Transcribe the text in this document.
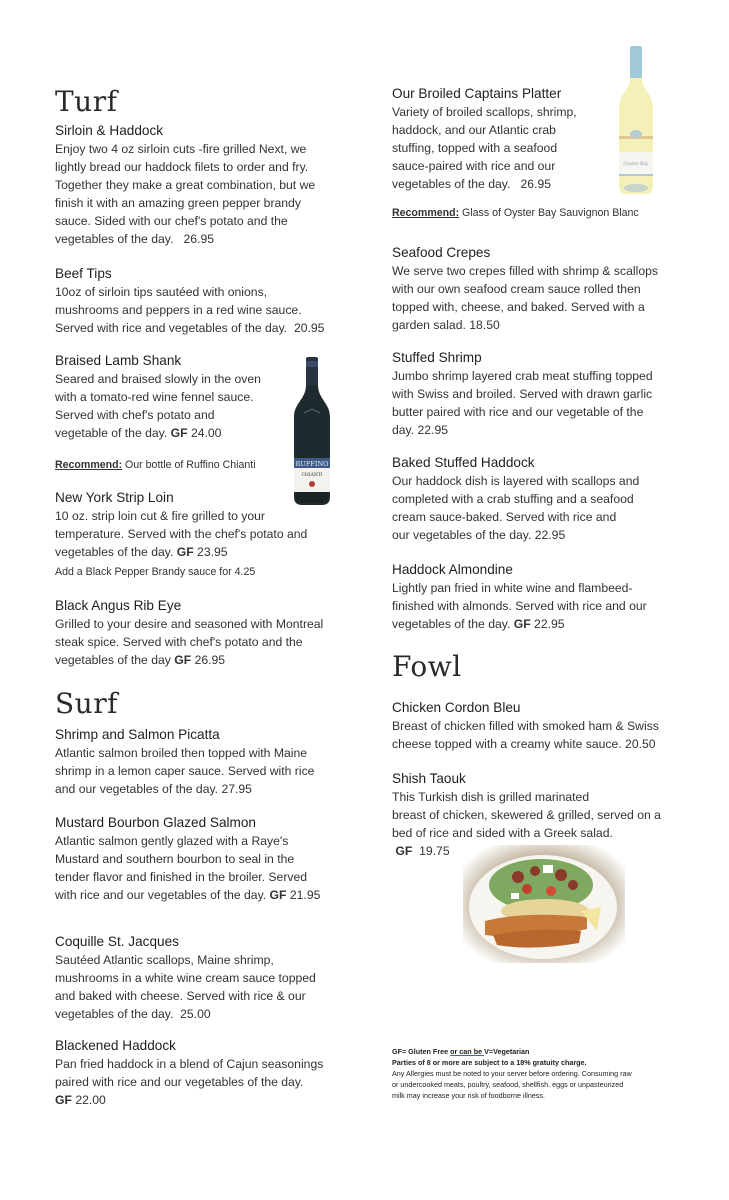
Turf
Sirloin & Haddock
Enjoy two 4 oz sirloin cuts -fire grilled Next, we
lightly bread our haddock filets to order and fry.
Together they make a great combination, but we
finish it with an amazing green pepper brandy
sauce. Sided with our chef's potato and the
vegetables of the day.   26.95
Beef Tips
10oz of sirloin tips sautéed with onions,
mushrooms and peppers in a red wine sauce.
Served with rice and vegetables of the day.  20.95
Braised Lamb Shank
Seared and braised slowly in the oven
with a tomato-red wine fennel sauce.
Served with chef's potato and
vegetable of the day. GF 24.00
Recommend: Our bottle of Ruffino Chianti	RUFFINO
CHIANTI
New York Strip Loin
10 oz. strip loin cut & fire grilled to your
temperature. Served with the chef's potato and
vegetables of the day. GF 23.95
Add a Black Pepper Brandy sauce for 4.25
Black Angus Rib Eye
Grilled to your desire and seasoned with Montreal
steak spice. Served with chef's potato and the
vegetables of the day GF 26.95
Surf
Shrimp and Salmon Picatta
Atlantic salmon broiled then topped with Maine
shrimp in a lemon caper sauce. Served with rice
and our vegetables of the day. 27.95
Mustard Bourbon Glazed Salmon
Atlantic salmon gently glazed with a Raye's
Mustard and southern bourbon to seal in the
tender flavor and finished in the broiler. Served
with rice and our vegetables of the day. GF 21.95
Coquille St. Jacques
Sautéed Atlantic scallops, Maine shrimp,
mushrooms in a white wine cream sauce topped
and baked with cheese. Served with rice & our
vegetables of the day.  25.00
Blackened Haddock
Pan fried haddock in a blend of Cajun seasonings
paired with rice and our vegetables of the day.
GF 22.00
Our Broiled Captains Platter
Variety of broiled scallops, shrimp,
haddock, and our Atlantic crab
stuffing, topped with a seafood
sauce-paired with rice and our
vegetables of the day.   26.95
Recommend: Glass of Oyster Bay Sauvignon Blanc
Oyster Bay
Seafood Crepes
We serve two crepes filled with shrimp & scallops
with our own seafood cream sauce rolled then
topped with, cheese, and baked. Served with a
garden salad. 18.50
Stuffed Shrimp
Jumbo shrimp layered crab meat stuffing topped
with Swiss and broiled. Served with drawn garlic
butter paired with rice and our vegetable of the
day. 22.95
Baked Stuffed Haddock
Our haddock dish is layered with scallops and
completed with a crab stuffing and a seafood
cream sauce-baked. Served with rice and
our vegetables of the day. 22.95
Haddock Almondine
Lightly pan fried in white wine and flambeed-
finished with almonds. Served with rice and our
vegetables of the day. GF 22.95
Fowl
Chicken Cordon Bleu
Breast of chicken filled with smoked ham & Swiss
cheese topped with a creamy white sauce. 20.50
Shish Taouk
This Turkish dish is grilled marinated
breast of chicken, skewered & grilled, served on a
bed of rice and sided with a Greek salad.
GF  19.75
GF= Gluten Free or can be V=Vegetarian
Parties of 8 or more are subject to a 18% gratuity charge.
Any Allergies must be noted to your server before ordering. Consuming raw
or undercooked meats, poultry, seafood, shellfish. eggs or unpasteurized
milk may increase your risk of foodborne illness.
